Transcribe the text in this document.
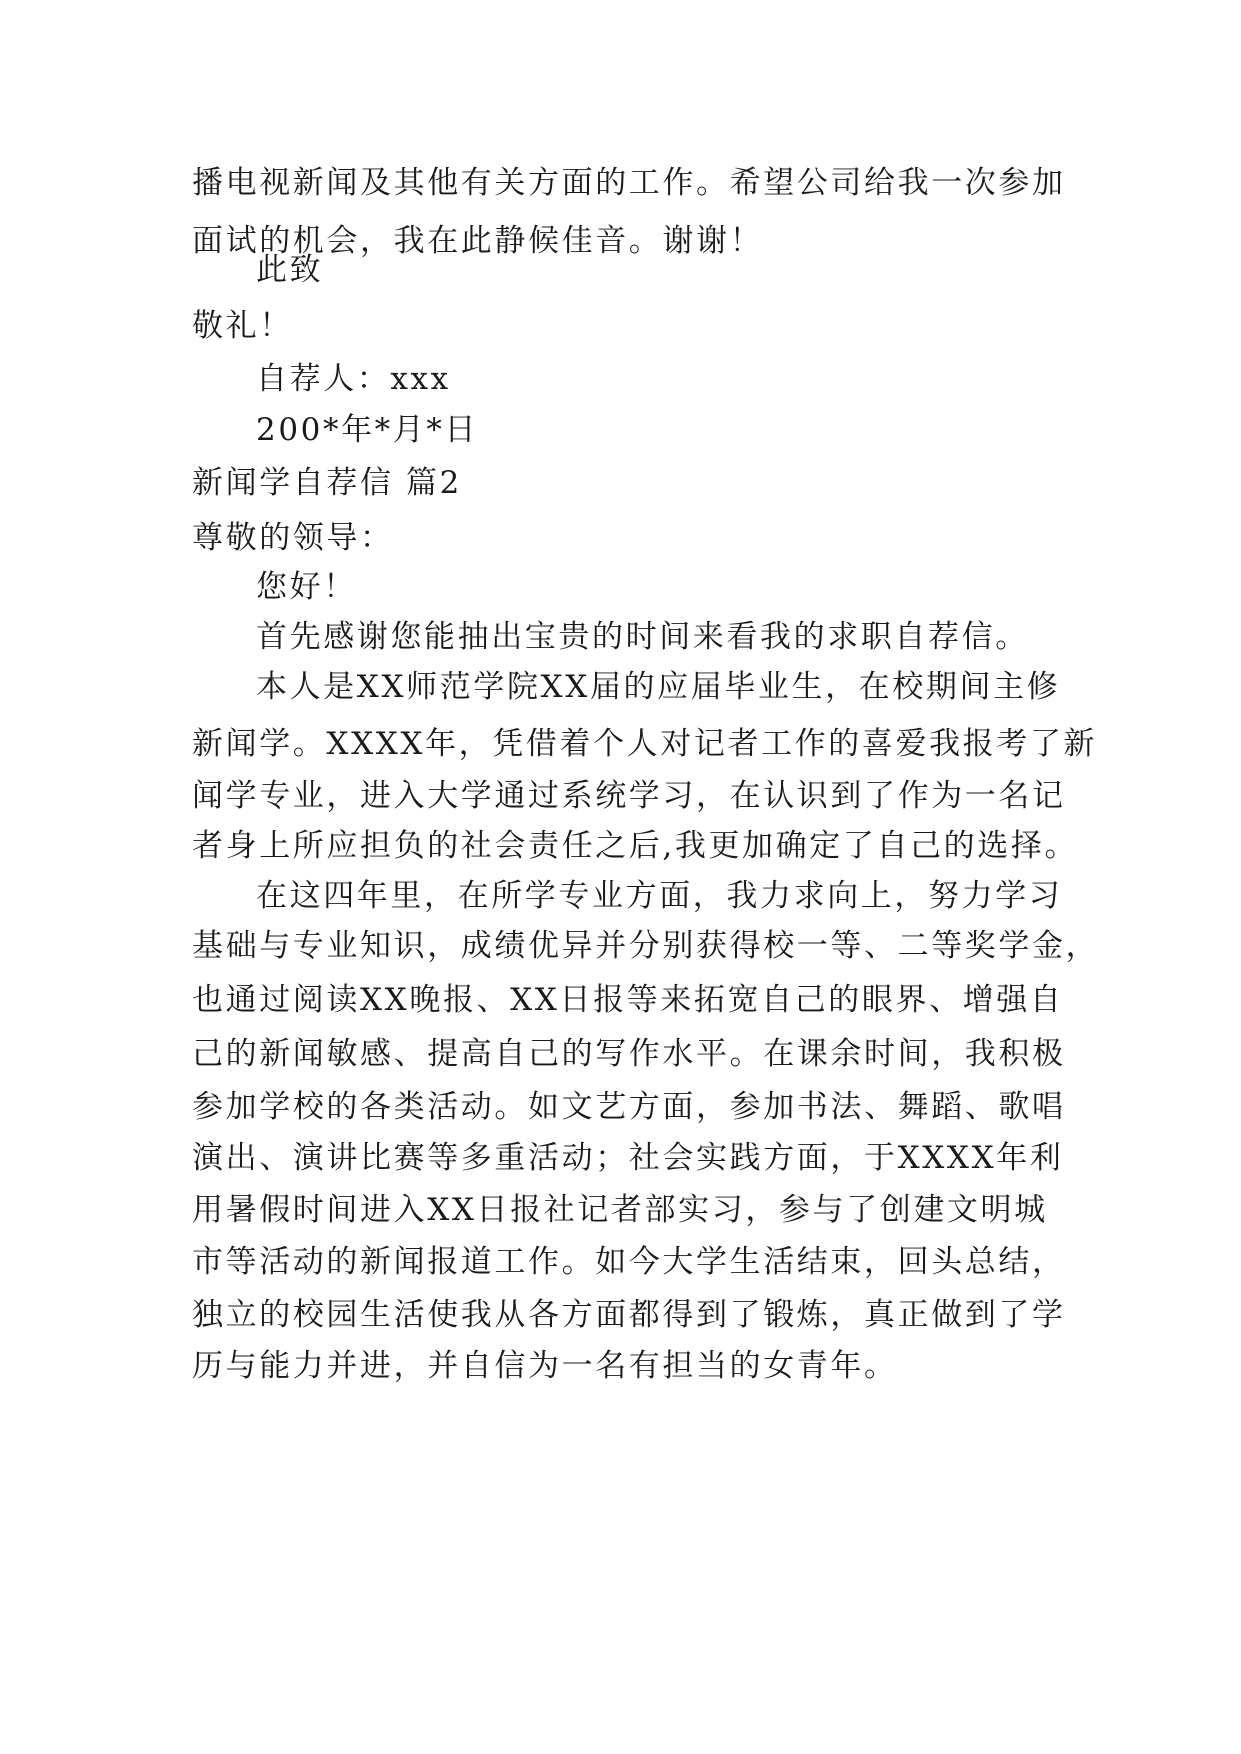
播电视新闻及其他有关方面的工作。希望公司给我一次参加

面试的机会，我在此静候佳音。谢谢！

此致

敬礼！

自荐人：xxx

200*年*月*日

新闻学自荐信 篇2

尊敬的领导：

您好！

首先感谢您能抽出宝贵的时间来看我的求职自荐信。

本人是XX师范学院XX届的应届毕业生，在校期间主修

新闻学。XXXX年，凭借着个人对记者工作的喜爱我报考了新

闻学专业，进入大学通过系统学习，在认识到了作为一名记

者身上所应担负的社会责任之后,我更加确定了自己的选择。

在这四年里，在所学专业方面，我力求向上，努力学习

基础与专业知识，成绩优异并分别获得校一等、二等奖学金，

也通过阅读XX晚报、XX日报等来拓宽自己的眼界、增强自

己的新闻敏感、提高自己的写作水平。在课余时间，我积极

参加学校的各类活动。如文艺方面，参加书法、舞蹈、歌唱

演出、演讲比赛等多重活动；社会实践方面，于XXXX年利

用暑假时间进入XX日报社记者部实习，参与了创建文明城

市等活动的新闻报道工作。如今大学生活结束，回头总结，

独立的校园生活使我从各方面都得到了锻炼，真正做到了学

历与能力并进，并自信为一名有担当的女青年。
